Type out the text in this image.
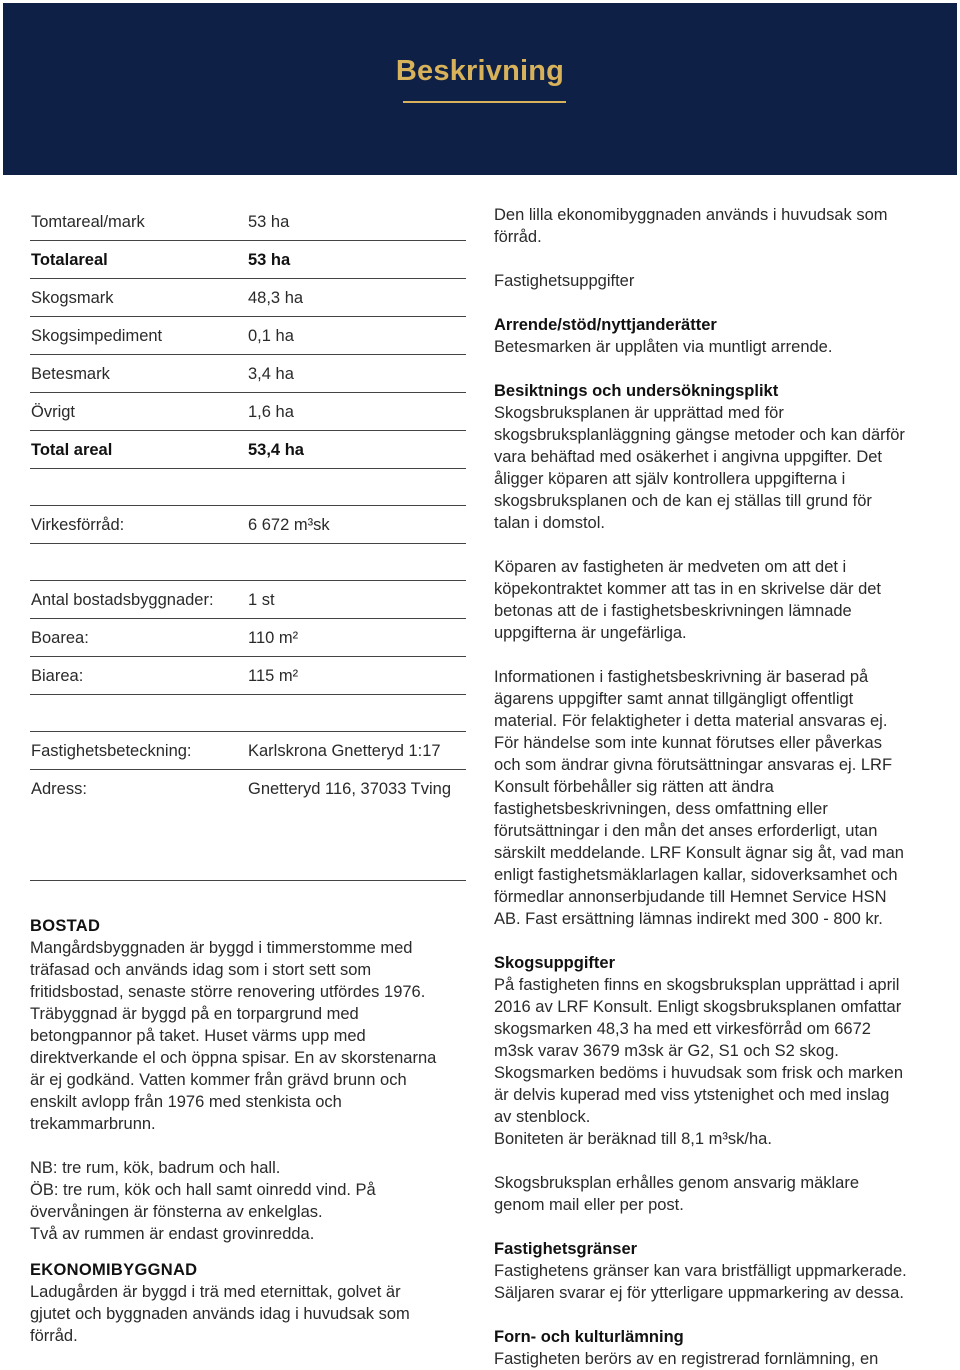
Beskrivning
Tomtareal/mark	53 ha
Totalareal	53 ha
Skogsmark	48,3 ha
Skogsimpediment	0,1 ha
Betesmark	3,4 ha
Övrigt	1,6 ha
Total areal	53,4 ha
Virkesförråd:	6 672 m³sk
Antal bostadsbyggnader: 1 st
Boarea:	110 m²
Biarea:	115 m²
Fastighetsbeteckning:	Karlskrona Gnetteryd 1:17
Adress:	Gnetteryd 116, 37033 Tving
BOSTAD
Mangårdsbyggnaden är byggd i timmerstomme med
träfasad och används idag som i stort sett som
fritidsbostad, senaste större renovering utfördes 1976.
Träbyggnad är byggd på en torpargrund med
betongpannor på taket. Huset värms upp med
direktverkande el och öppna spisar. En av skorstenarna
är ej godkänd. Vatten kommer från grävd brunn och
enskilt avlopp från 1976 med stenkista och
trekammarbrunn.
NB: tre rum, kök, badrum och hall.
ÖB: tre rum, kök och hall samt oinredd vind. På
övervåningen är fönsterna av enkelglas.
Två av rummen är endast grovinredda.
EKONOMIBYGGNAD
Ladugården är byggd i trä med eternittak, golvet är
gjutet och byggnaden används idag i huvudsak som
förråd.
Den lilla ekonomibyggnaden används i huvudsak som
förråd.
Fastighetsuppgifter
Arrende/stöd/nyttjanderätter
Betesmarken är upplåten via muntligt arrende.
Besiktnings och undersökningsplikt
Skogsbruksplanen är upprättad med för
skogsbruksplanläggning gängse metoder och kan därför
vara behäftad med osäkerhet i angivna uppgifter. Det
åligger köparen att själv kontrollera uppgifterna i
skogsbruksplanen och de kan ej ställas till grund för
talan i domstol.
Köparen av fastigheten är medveten om att det i
köpekontraktet kommer att tas in en skrivelse där det
betonas att de i fastighetsbeskrivningen lämnade
uppgifterna är ungefärliga.
Informationen i fastighetsbeskrivning är baserad på
ägarens uppgifter samt annat tillgängligt offentligt
material. För felaktigheter i detta material ansvaras ej.
För händelse som inte kunnat förutses eller påverkas
och som ändrar givna förutsättningar ansvaras ej. LRF
Konsult förbehåller sig rätten att ändra
fastighetsbeskrivningen, dess omfattning eller
förutsättningar i den mån det anses erforderligt, utan
särskilt meddelande. LRF Konsult ägnar sig åt, vad man
enligt fastighetsmäklarlagen kallar, sidoverksamhet och
förmedlar annonserbjudande till Hemnet Service HSN
AB. Fast ersättning lämnas indirekt med 300 - 800 kr.
Skogsuppgifter
På fastigheten finns en skogsbruksplan upprättad i april
2016 av LRF Konsult. Enligt skogsbruksplanen omfattar
skogsmarken 48,3 ha med ett virkesförråd om 6672
m3sk varav 3679 m3sk är G2, S1 och S2 skog.
Skogsmarken bedöms i huvudsak som frisk och marken
är delvis kuperad med viss ytstenighet och med inslag
av stenblock.
Boniteten är beräknad till 8,1 m³sk/ha.
Skogsbruksplan erhålles genom ansvarig mäklare
genom mail eller per post.
Fastighetsgränser
Fastighetens gränser kan vara bristfälligt uppmarkerade.
Säljaren svarar ej för ytterligare uppmarkering av dessa.
Forn- och kulturlämning
Fastigheten berörs av en registrerad fornlämning, en
